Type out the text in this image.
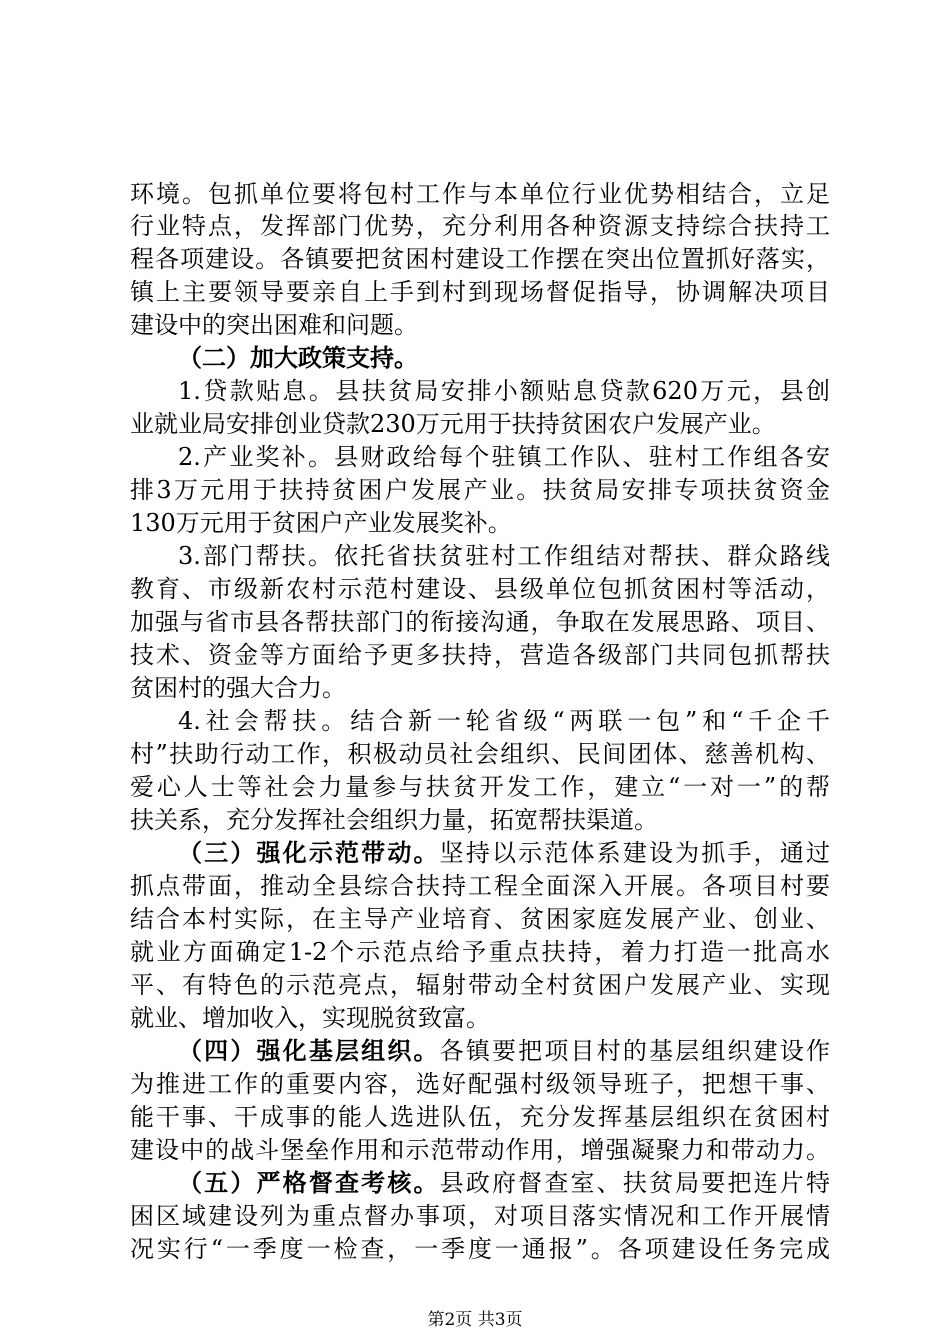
环境。包抓单位要将包村工作与本单位行业优势相结合，立足
行业特点，发挥部门优势，充分利用各种资源支持综合扶持工
程各项建设。各镇要把贫困村建设工作摆在突出位置抓好落实，
镇上主要领导要亲自上手到村到现场督促指导，协调解决项目
建设中的突出困难和问题。
（二）加大政策支持。
1.贷款贴息。县扶贫局安排小额贴息贷款620万元，县创
业就业局安排创业贷款230万元用于扶持贫困农户发展产业。
2.产业奖补。县财政给每个驻镇工作队、驻村工作组各安
排3万元用于扶持贫困户发展产业。扶贫局安排专项扶贫资金
130万元用于贫困户产业发展奖补。
3.部门帮扶。依托省扶贫驻村工作组结对帮扶、群众路线
教育、市级新农村示范村建设、县级单位包抓贫困村等活动，
加强与省市县各帮扶部门的衔接沟通，争取在发展思路、项目、
技术、资金等方面给予更多扶持，营造各级部门共同包抓帮扶
贫困村的强大合力。
4.社会帮扶。结合新一轮省级“两联一包”和“千企千
村”扶助行动工作，积极动员社会组织、民间团体、慈善机构、
爱心人士等社会力量参与扶贫开发工作，建立“一对一”的帮
扶关系，充分发挥社会组织力量，拓宽帮扶渠道。
（三）强化示范带动。坚持以示范体系建设为抓手，通过
抓点带面，推动全县综合扶持工程全面深入开展。各项目村要
结合本村实际，在主导产业培育、贫困家庭发展产业、创业、
就业方面确定1-2个示范点给予重点扶持，着力打造一批高水
平、有特色的示范亮点，辐射带动全村贫困户发展产业、实现
就业、增加收入，实现脱贫致富。
（四）强化基层组织。各镇要把项目村的基层组织建设作
为推进工作的重要内容，选好配强村级领导班子，把想干事、
能干事、干成事的能人选进队伍，充分发挥基层组织在贫困村
建设中的战斗堡垒作用和示范带动作用，增强凝聚力和带动力。
（五）严格督查考核。县政府督查室、扶贫局要把连片特
困区域建设列为重点督办事项，对项目落实情况和工作开展情
况实行“一季度一检查，一季度一通报”。各项建设任务完成
第2页 共3页
